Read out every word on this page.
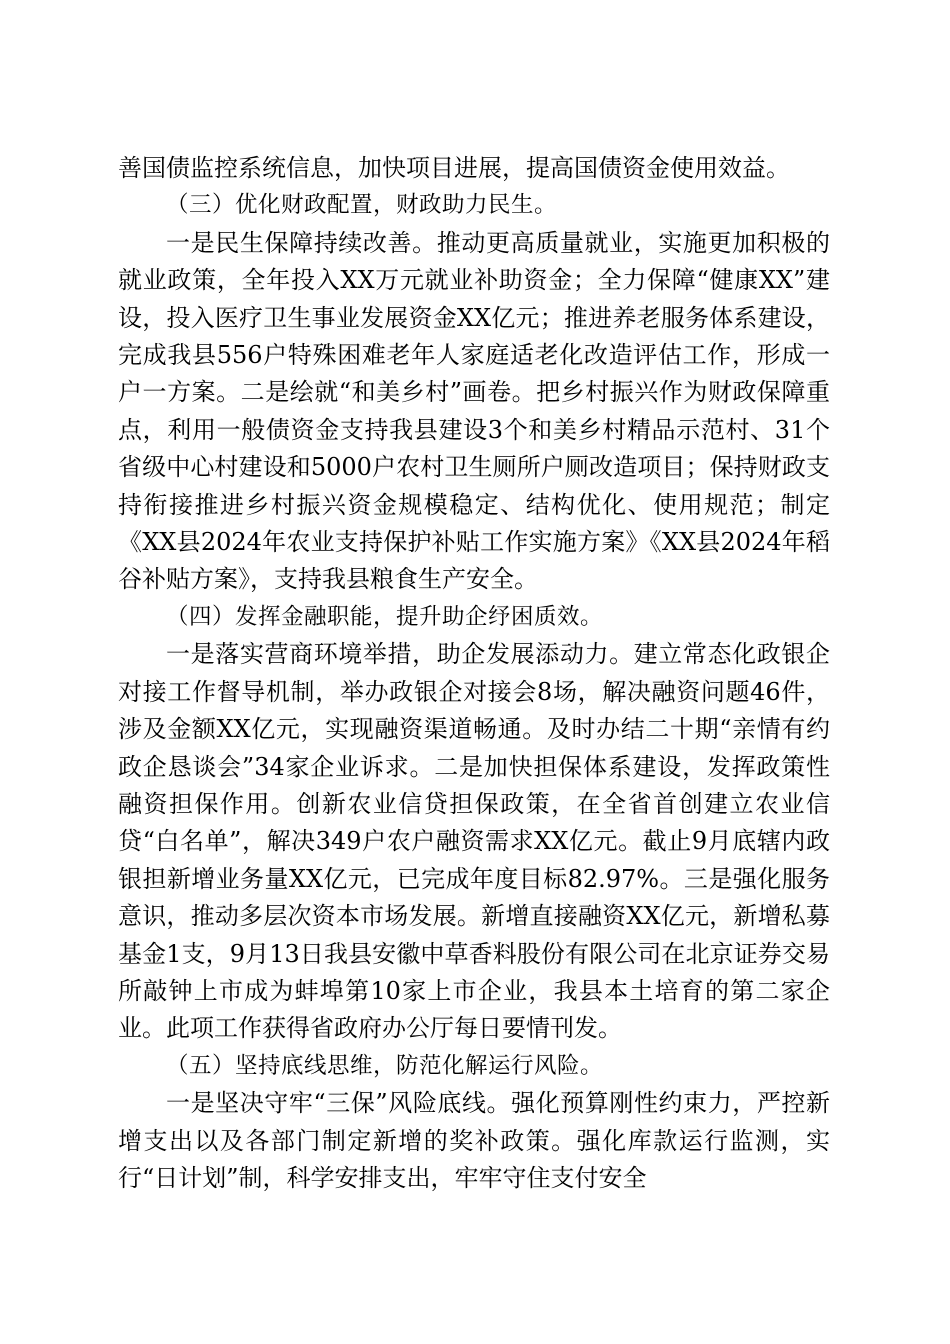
善国债监控系统信息，加快项目进展，提高国债资金使用效益。

（三）优化财政配置，财政助力民生。

一是民生保障持续改善。推动更高质量就业，实施更加积极的就业政策，全年投入XX万元就业补助资金；全力保障“健康XX”建设，投入医疗卫生事业发展资金XX亿元；推进养老服务体系建设，完成我县556户特殊困难老年人家庭适老化改造评估工作，形成一户一方案。二是绘就“和美乡村”画卷。把乡村振兴作为财政保障重点，利用一般债资金支持我县建设3个和美乡村精品示范村、31个省级中心村建设和5000户农村卫生厕所户厕改造项目；保持财政支持衔接推进乡村振兴资金规模稳定、结构优化、使用规范；制定《XX县2024年农业支持保护补贴工作实施方案》《XX县2024年稻谷补贴方案》，支持我县粮食生产安全。

（四）发挥金融职能，提升助企纾困质效。

一是落实营商环境举措，助企发展添动力。建立常态化政银企对接工作督导机制，举办政银企对接会8场，解决融资问题46件，涉及金额XX亿元，实现融资渠道畅通。及时办结二十期“亲情有约政企恳谈会”34家企业诉求。二是加快担保体系建设，发挥政策性融资担保作用。创新农业信贷担保政策，在全省首创建立农业信贷“白名单”，解决349户农户融资需求XX亿元。截止9月底辖内政银担新增业务量XX亿元，已完成年度目标82.97%。三是强化服务意识，推动多层次资本市场发展。新增直接融资XX亿元，新增私募基金1支，9月13日我县安徽中草香料股份有限公司在北京证券交易所敲钟上市成为蚌埠第10家上市企业，我县本土培育的第二家企业。此项工作获得省政府办公厅每日要情刊发。

（五）坚持底线思维，防范化解运行风险。

一是坚决守牢“三保”风险底线。强化预算刚性约束力，严控新增支出以及各部门制定新增的奖补政策。强化库款运行监测，实行“日计划”制，科学安排支出，牢牢守住支付安全
